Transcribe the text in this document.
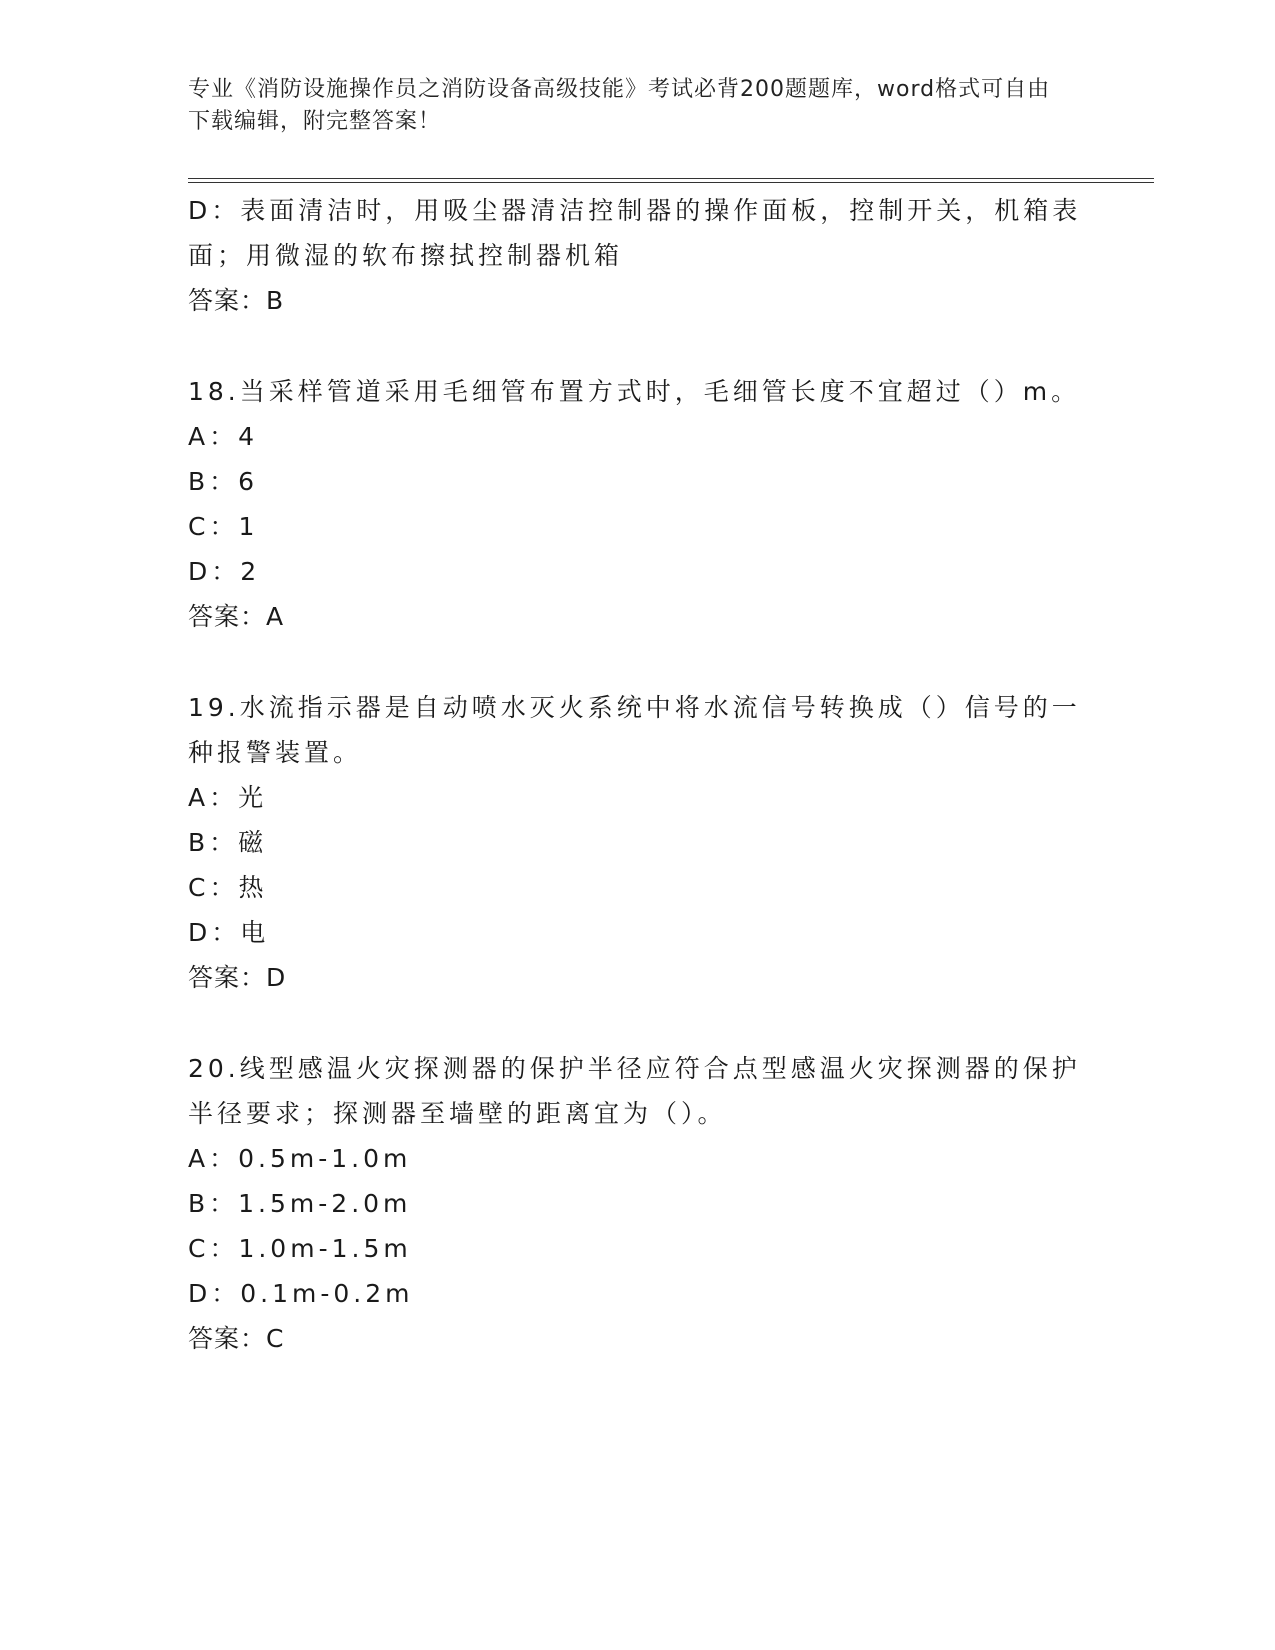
专业《消防设施操作员之消防设备高级技能》考试必背200题题库，word格式可自由下载编辑，附完整答案！
D：表面清洁时，用吸尘器清洁控制器的操作面板，控制开关，机箱表
面；用微湿的软布擦拭控制器机箱
答案：B
18.当采样管道采用毛细管布置方式时，毛细管长度不宜超过（）m。
A：4
B：6
C：1
D：2
答案：A
19.水流指示器是自动喷水灭火系统中将水流信号转换成（）信号的一
种报警装置。
A：光
B：磁
C：热
D：电
答案：D
20.线型感温火灾探测器的保护半径应符合点型感温火灾探测器的保护
半径要求；探测器至墙壁的距离宜为（）。
A：0.5m-1.0m
B：1.5m-2.0m
C：1.0m-1.5m
D：0.1m-0.2m
答案：C
